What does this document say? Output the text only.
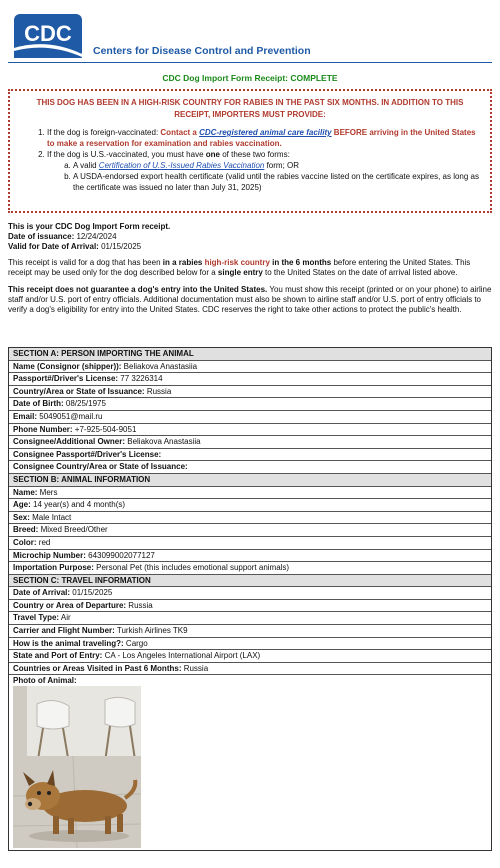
CDC
Centers for Disease Control and Prevention
CDC Dog Import Form Receipt: COMPLETE
THIS DOG HAS BEEN IN A HIGH-RISK COUNTRY FOR RABIES IN THE PAST SIX MONTHS. IN ADDITION TO THIS RECEIPT, IMPORTERS MUST PROVIDE:
1. If the dog is foreign-vaccinated: Contact a CDC-registered animal care facility BEFORE arriving in the United States to make a reservation for examination and rabies vaccination.
2. If the dog is U.S.-vaccinated, you must have one of these two forms:
a. A valid Certification of U.S.-Issued Rabies Vaccination form; OR
b. A USDA-endorsed export health certificate (valid until the rabies vaccine listed on the certificate expires, as long as the certificate was issued no later than July 31, 2025)

This is your CDC Dog Import Form receipt.
Date of issuance: 12/24/2024
Valid for Date of Arrival: 01/15/2025

This receipt is valid for a dog that has been in a rabies high-risk country in the 6 months before entering the United States. This receipt may be used only for the dog described below for a single entry to the United States on the date of arrival listed above.

This receipt does not guarantee a dog's entry into the United States. You must show this receipt (printed or on your phone) to airline staff and/or U.S. port of entry officials. Additional documentation must also be shown to airline staff and/or U.S. port of entry officials to verify a dog's eligibility for entry into the United States. CDC reserves the right to take other actions to protect the public's health.

SECTION A: PERSON IMPORTING THE ANIMAL
Name (Consignor (shipper)): Beliakova Anastasiia
Passport#/Driver's License: 77 3226314
Country/Area or State of Issuance: Russia
Date of Birth: 08/25/1975
Email: 5049051@mail.ru
Phone Number: +7-925-504-9051
Consignee/Additional Owner: Beliakova Anastasiia
Consignee Passport#/Driver's License:
Consignee Country/Area or State of Issuance:
SECTION B: ANIMAL INFORMATION
Name: Mers
Age: 14 year(s) and 4 month(s)
Sex: Male Intact
Breed: Mixed Breed/Other
Color: red
Microchip Number: 643099002077127
Importation Purpose: Personal Pet (this includes emotional support animals)
SECTION C: TRAVEL INFORMATION
Date of Arrival: 01/15/2025
Country or Area of Departure: Russia
Travel Type: Air
Carrier and Flight Number: Turkish Airlines TK9
How is the animal traveling?: Cargo
State and Port of Entry: CA - Los Angeles International Airport (LAX)
Countries or Areas Visited in Past 6 Months: Russia
Photo of Animal:
